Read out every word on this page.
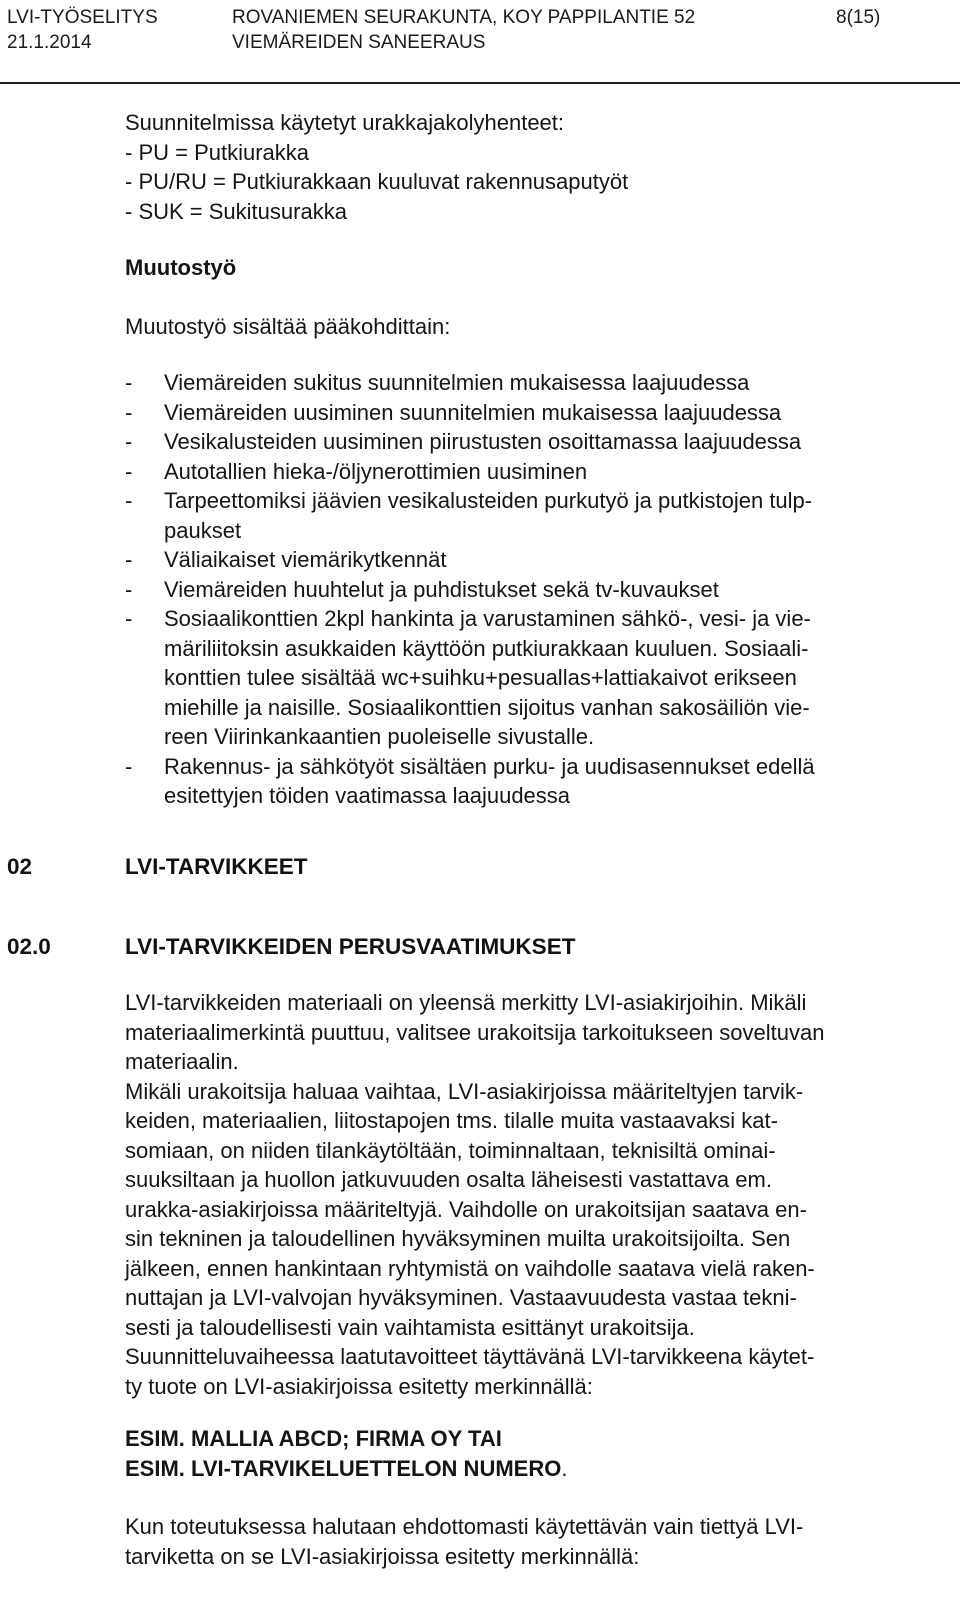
LVI-TYÖSELITYS
21.1.2014
ROVANIEMEN SEURAKUNTA, KOY PAPPILANTIE 52
VIEMÄREIDEN SANEERAUS
8(15)
Suunnitelmissa käytetyt urakkajakolyhenteet:
- PU = Putkiurakka
- PU/RU = Putkiurakkaan kuuluvat rakennusaputyöt
- SUK = Sukitusurakka
Muutostyö
Muutostyö sisältää pääkohdittain:
- Viemäreiden sukitus suunnitelmien mukaisessa laajuudessa
- Viemäreiden uusiminen suunnitelmien mukaisessa laajuudessa
- Vesikalusteiden uusiminen piirustusten osoittamassa laajuudessa
- Autotallien hieka-/öljynerottimien uusiminen
- Tarpeettomiksi jäävien vesikalusteiden purkutyö ja putkistojen tulp-
paukset
- Väliaikaiset viemärikytkennät
- Viemäreiden huuhtelut ja puhdistukset sekä tv-kuvaukset
- Sosiaalikonttien 2kpl hankinta ja varustaminen sähkö-, vesi- ja vie-
märiliitoksin asukkaiden käyttöön putkiurakkaan kuuluen. Sosiaali-
konttien tulee sisältää wc+suihku+pesuallas+lattiakaivot erikseen
miehille ja naisille. Sosiaalikonttien sijoitus vanhan sakosäiliön vie-
reen Viirinkankaantien puoleiselle sivustalle.
- Rakennus- ja sähkötyöt sisältäen purku- ja uudisasennukset edellä
esitettyjen töiden vaatimassa laajuudessa
02	LVI-TARVIKKEET
02.0	LVI-TARVIKKEIDEN PERUSVAATIMUKSET
LVI-tarvikkeiden materiaali on yleensä merkitty LVI-asiakirjoihin. Mikäli
materiaalimerkintä puuttuu, valitsee urakoitsija tarkoitukseen soveltuvan
materiaalin.
Mikäli urakoitsija haluaa vaihtaa, LVI-asiakirjoissa määriteltyjen tarvik-
keiden, materiaalien, liitostapojen tms. tilalle muita vastaavaksi kat-
somiaan, on niiden tilankäytöltään, toiminnaltaan, teknisiltä ominai-
suuksiltaan ja huollon jatkuvuuden osalta läheisesti vastattava em.
urakka-asiakirjoissa määriteltyjä. Vaihdolle on urakoitsijan saatava en-
sin tekninen ja taloudellinen hyväksyminen muilta urakoitsijoilta. Sen
jälkeen, ennen hankintaan ryhtymistä on vaihdolle saatava vielä raken-
nuttajan ja LVI-valvojan hyväksyminen. Vastaavuudesta vastaa tekni-
sesti ja taloudellisesti vain vaihtamista esittänyt urakoitsija.
Suunnitteluvaiheessa laatutavoitteet täyttävänä LVI-tarvikkeena käytet-
ty tuote on LVI-asiakirjoissa esitetty merkinnällä:
ESIM. MALLIA ABCD; FIRMA OY TAI
ESIM. LVI-TARVIKELUETTELON NUMERO.
Kun toteutuksessa halutaan ehdottomasti käytettävän vain tiettyä LVI-
tarviketta on se LVI-asiakirjoissa esitetty merkinnällä:
